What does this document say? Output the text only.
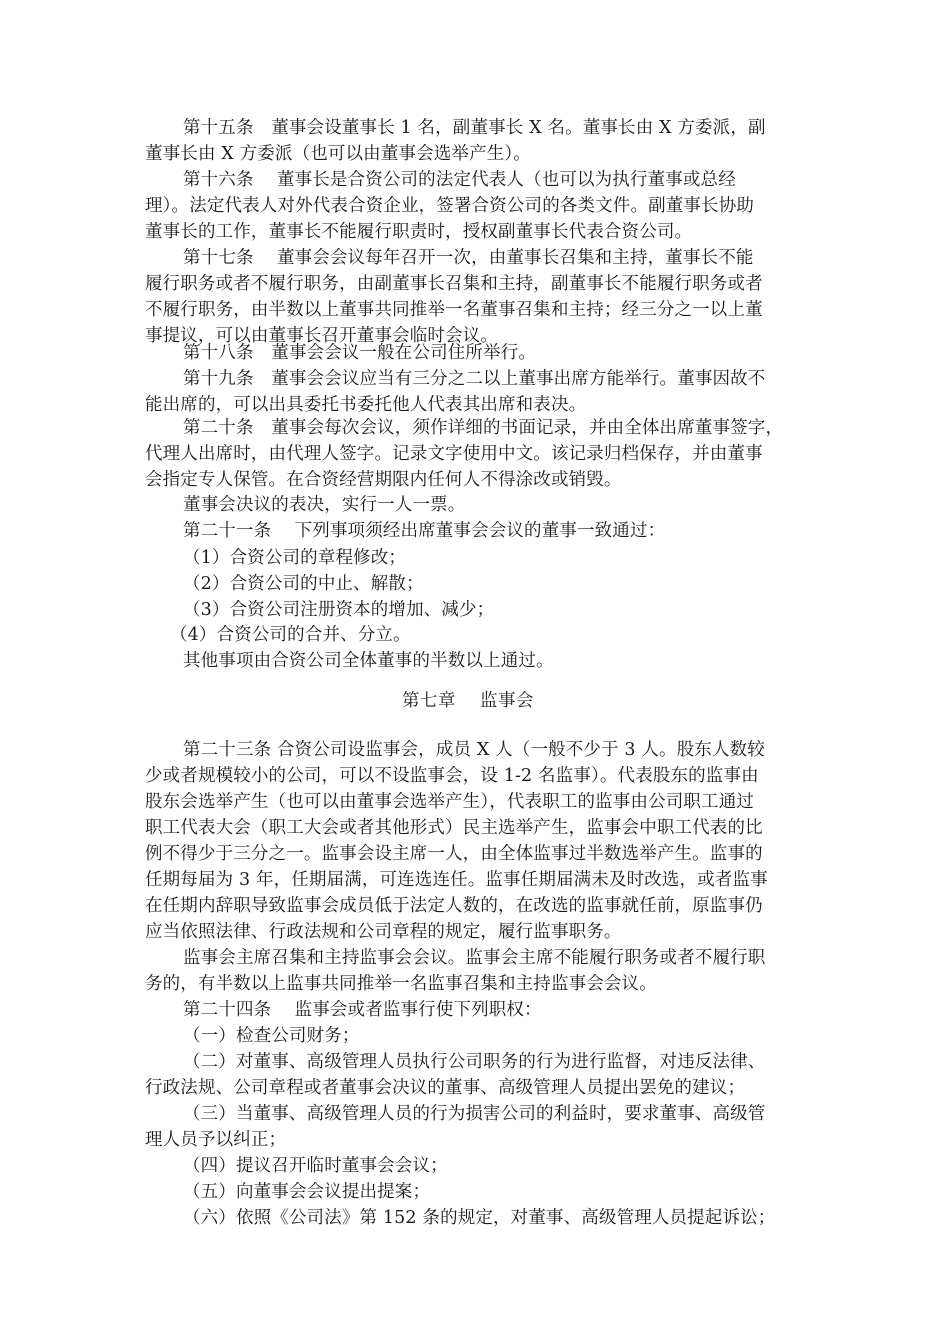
第十五条　董事会设董事长 1 名，副董事长 X 名。董事长由 X 方委派，副
董事长由 X 方委派（也可以由董事会选举产生）。
第十六条　 董事长是合资公司的法定代表人（也可以为执行董事或总经
理）。法定代表人对外代表合资企业，签署合资公司的各类文件。副董事长协助
董事长的工作，董事长不能履行职责时，授权副董事长代表合资公司。
第十七条　 董事会会议每年召开一次，由董事长召集和主持，董事长不能
履行职务或者不履行职务，由副董事长召集和主持，副董事长不能履行职务或者
不履行职务，由半数以上董事共同推举一名董事召集和主持；经三分之一以上董
事提议，可以由董事长召开董事会临时会议。
第十八条　董事会会议一般在公司住所举行。
第十九条　董事会会议应当有三分之二以上董事出席方能举行。董事因故不
能出席的，可以出具委托书委托他人代表其出席和表决。
第二十条　董事会每次会议，须作详细的书面记录，并由全体出席董事签字，
代理人出席时，由代理人签字。记录文字使用中文。该记录归档保存，并由董事
会指定专人保管。在合资经营期限内任何人不得涂改或销毁。
董事会决议的表决，实行一人一票。
第二十一条　 下列事项须经出席董事会会议的董事一致通过：
（1）合资公司的章程修改；
（2）合资公司的中止、解散；
（3）合资公司注册资本的增加、减少；
（4）合资公司的合并、分立。
其他事项由合资公司全体董事的半数以上通过。
第七章　 监事会
第二十三条 合资公司设监事会，成员 X 人（一般不少于 3 人。股东人数较
少或者规模较小的公司，可以不设监事会，设 1-2 名监事）。代表股东的监事由
股东会选举产生（也可以由董事会选举产生），代表职工的监事由公司职工通过
职工代表大会（职工大会或者其他形式）民主选举产生，监事会中职工代表的比
例不得少于三分之一。监事会设主席一人，由全体监事过半数选举产生。监事的
任期每届为 3 年，任期届满，可连选连任。监事任期届满未及时改选，或者监事
在任期内辞职导致监事会成员低于法定人数的，在改选的监事就任前，原监事仍
应当依照法律、行政法规和公司章程的规定，履行监事职务。
监事会主席召集和主持监事会会议。监事会主席不能履行职务或者不履行职
务的，有半数以上监事共同推举一名监事召集和主持监事会会议。
第二十四条　 监事会或者监事行使下列职权：
（一）检查公司财务；
（二）对董事、高级管理人员执行公司职务的行为进行监督，对违反法律、
行政法规、公司章程或者董事会决议的董事、高级管理人员提出罢免的建议；
（三）当董事、高级管理人员的行为损害公司的利益时，要求董事、高级管
理人员予以纠正；
（四）提议召开临时董事会会议；
（五）向董事会会议提出提案；
（六）依照《公司法》第 152 条的规定，对董事、高级管理人员提起诉讼；
